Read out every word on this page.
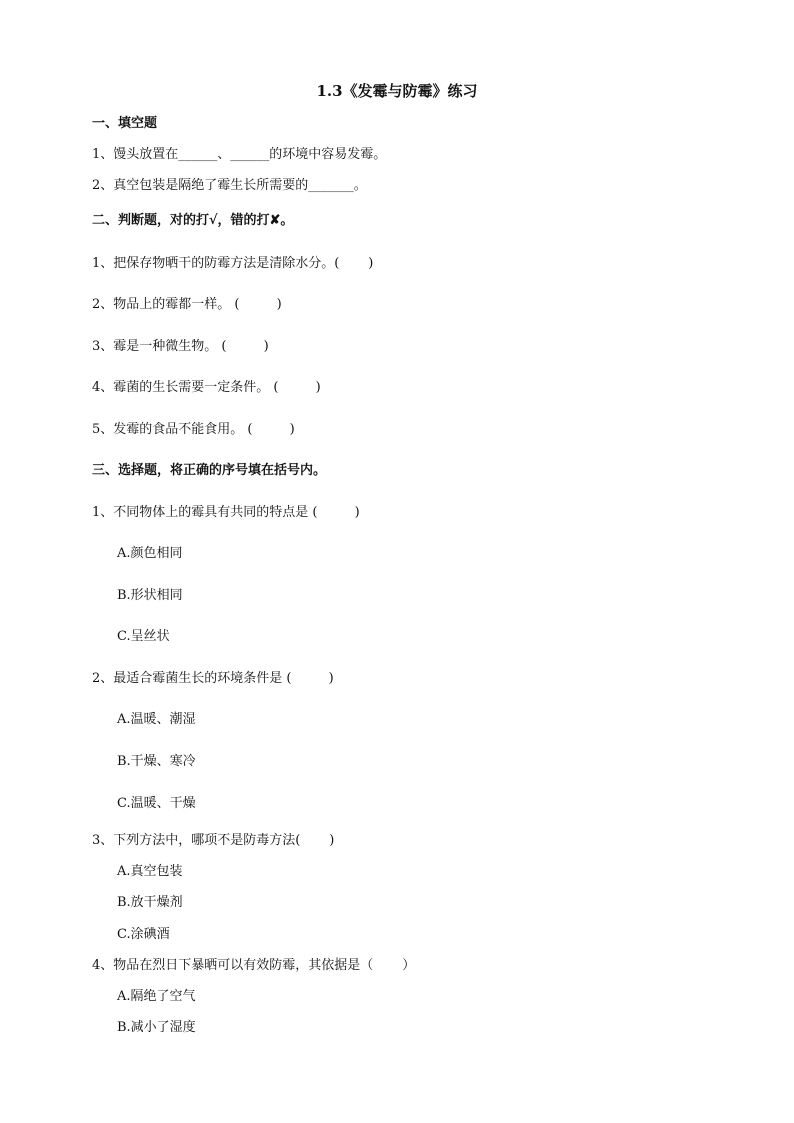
1.3《发霉与防霉》练习
一、填空题
1、馒头放置在______、______的环境中容易发霉。
2、真空包装是隔绝了霉生长所需要的_______。
二、判断题，对的打√，错的打✘。
1、把保存物晒干的防霉方法是清除水分。(       )
2、物品上的霉都一样。 (         )
3、霉是一种微生物。 (         )
4、霉菌的生长需要一定条件。 (         )
5、发霉的食品不能食用。 (         )
三、选择题，将正确的序号填在括号内。
1、不同物体上的霉具有共同的特点是 (         )
A.颜色相同
B.形状相同
C.呈丝状
2、最适合霉菌生长的环境条件是 (         )
A.温暖、潮湿
B.干燥、寒冷
C.温暖、干燥
3、下列方法中，哪项不是防毒方法(       )
A.真空包装
B.放干燥剂
C.涂碘酒
4、物品在烈日下暴晒可以有效防霉，其依据是（       ）
A.隔绝了空气
B.减小了湿度
